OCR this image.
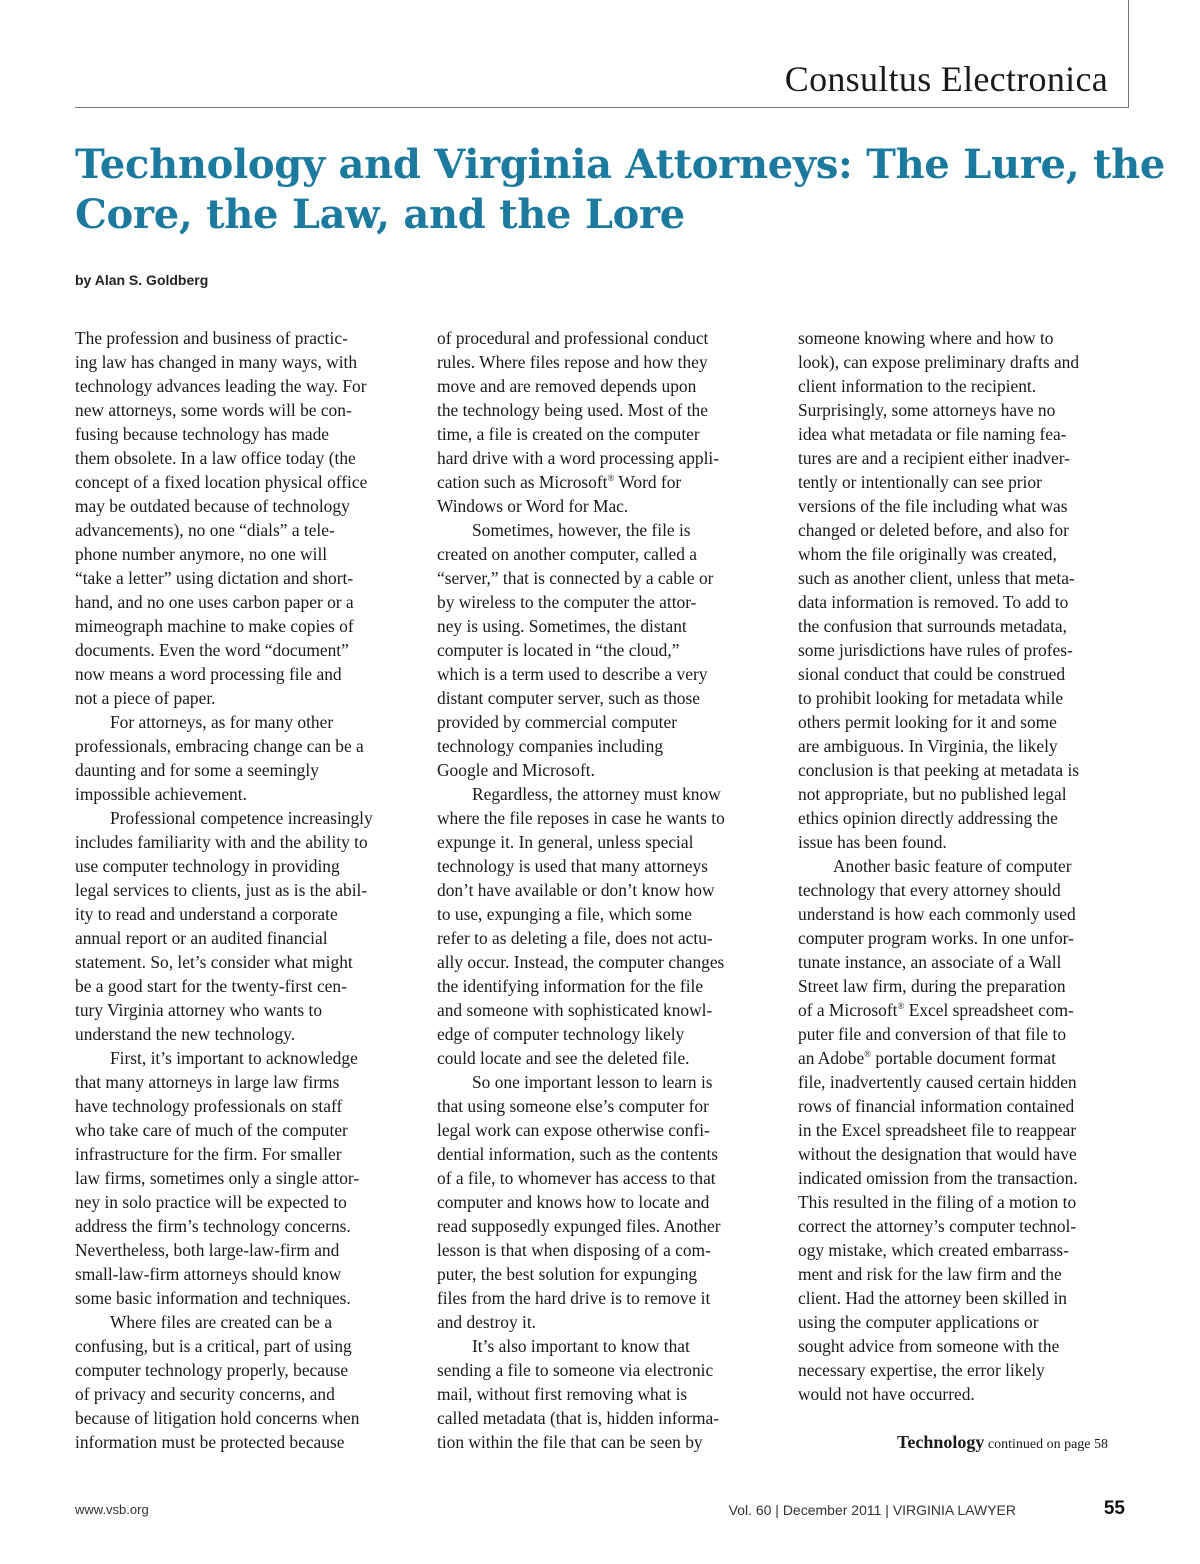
Consultus Electronica
Technology and Virginia Attorneys: The Lure, the
Core, the Law, and the Lore
by Alan S. Goldberg
The profession and business of practic-
ing law has changed in many ways, with
technology advances leading the way. For
new attorneys, some words will be con-
fusing because technology has made
them obsolete. In a law office today (the
concept of a fixed location physical office
may be outdated because of technology
advancements), no one “dials” a tele-
phone number anymore, no one will
“take a letter” using dictation and short-
hand, and no one uses carbon paper or a
mimeograph machine to make copies of
documents. Even the word “document”
now means a word processing file and
not a piece of paper.
For attorneys, as for many other
professionals, embracing change can be a
daunting and for some a seemingly
impossible achievement.
Professional competence increasingly
includes familiarity with and the ability to
use computer technology in providing
legal services to clients, just as is the abil-
ity to read and understand a corporate
annual report or an audited financial
statement. So, let’s consider what might
be a good start for the twenty-first cen-
tury Virginia attorney who wants to
understand the new technology.
First, it’s important to acknowledge
that many attorneys in large law firms
have technology professionals on staff
who take care of much of the computer
infrastructure for the firm. For smaller
law firms, sometimes only a single attor-
ney in solo practice will be expected to
address the firm’s technology concerns.
Nevertheless, both large-law-firm and
small-law-firm attorneys should know
some basic information and techniques.
Where files are created can be a
confusing, but is a critical, part of using
computer technology properly, because
of privacy and security concerns, and
because of litigation hold concerns when
information must be protected because
of procedural and professional conduct
rules. Where files repose and how they
move and are removed depends upon
the technology being used. Most of the
time, a file is created on the computer
hard drive with a word processing appli-
cation such as Microsoft® Word for
Windows or Word for Mac.
Sometimes, however, the file is
created on another computer, called a
“server,” that is connected by a cable or
by wireless to the computer the attor-
ney is using. Sometimes, the distant
computer is located in “the cloud,”
which is a term used to describe a very
distant computer server, such as those
provided by commercial computer
technology companies including
Google and Microsoft.
Regardless, the attorney must know
where the file reposes in case he wants to
expunge it. In general, unless special
technology is used that many attorneys
don’t have available or don’t know how
to use, expunging a file, which some
refer to as deleting a file, does not actu-
ally occur. Instead, the computer changes
the identifying information for the file
and someone with sophisticated knowl-
edge of computer technology likely
could locate and see the deleted file.
So one important lesson to learn is
that using someone else’s computer for
legal work can expose otherwise confi-
dential information, such as the contents
of a file, to whomever has access to that
computer and knows how to locate and
read supposedly expunged files. Another
lesson is that when disposing of a com-
puter, the best solution for expunging
files from the hard drive is to remove it
and destroy it.
It’s also important to know that
sending a file to someone via electronic
mail, without first removing what is
called metadata (that is, hidden informa-
tion within the file that can be seen by
someone knowing where and how to
look), can expose preliminary drafts and
client information to the recipient.
Surprisingly, some attorneys have no
idea what metadata or file naming fea-
tures are and a recipient either inadver-
tently or intentionally can see prior
versions of the file including what was
changed or deleted before, and also for
whom the file originally was created,
such as another client, unless that meta-
data information is removed. To add to
the confusion that surrounds metadata,
some jurisdictions have rules of profes-
sional conduct that could be construed
to prohibit looking for metadata while
others permit looking for it and some
are ambiguous. In Virginia, the likely
conclusion is that peeking at metadata is
not appropriate, but no published legal
ethics opinion directly addressing the
issue has been found.
Another basic feature of computer
technology that every attorney should
understand is how each commonly used
computer program works. In one unfor-
tunate instance, an associate of a Wall
Street law firm, during the preparation
of a Microsoft® Excel spreadsheet com-
puter file and conversion of that file to
an Adobe® portable document format
file, inadvertently caused certain hidden
rows of financial information contained
in the Excel spreadsheet file to reappear
without the designation that would have
indicated omission from the transaction.
This resulted in the filing of a motion to
correct the attorney’s computer technol-
ogy mistake, which created embarrass-
ment and risk for the law firm and the
client. Had the attorney been skilled in
using the computer applications or
sought advice from someone with the
necessary expertise, the error likely
would not have occurred.
Technology continued on page 58
www.vsb.org	Vol. 60 | December 2011 | VIRGINIA LAWYER	55
